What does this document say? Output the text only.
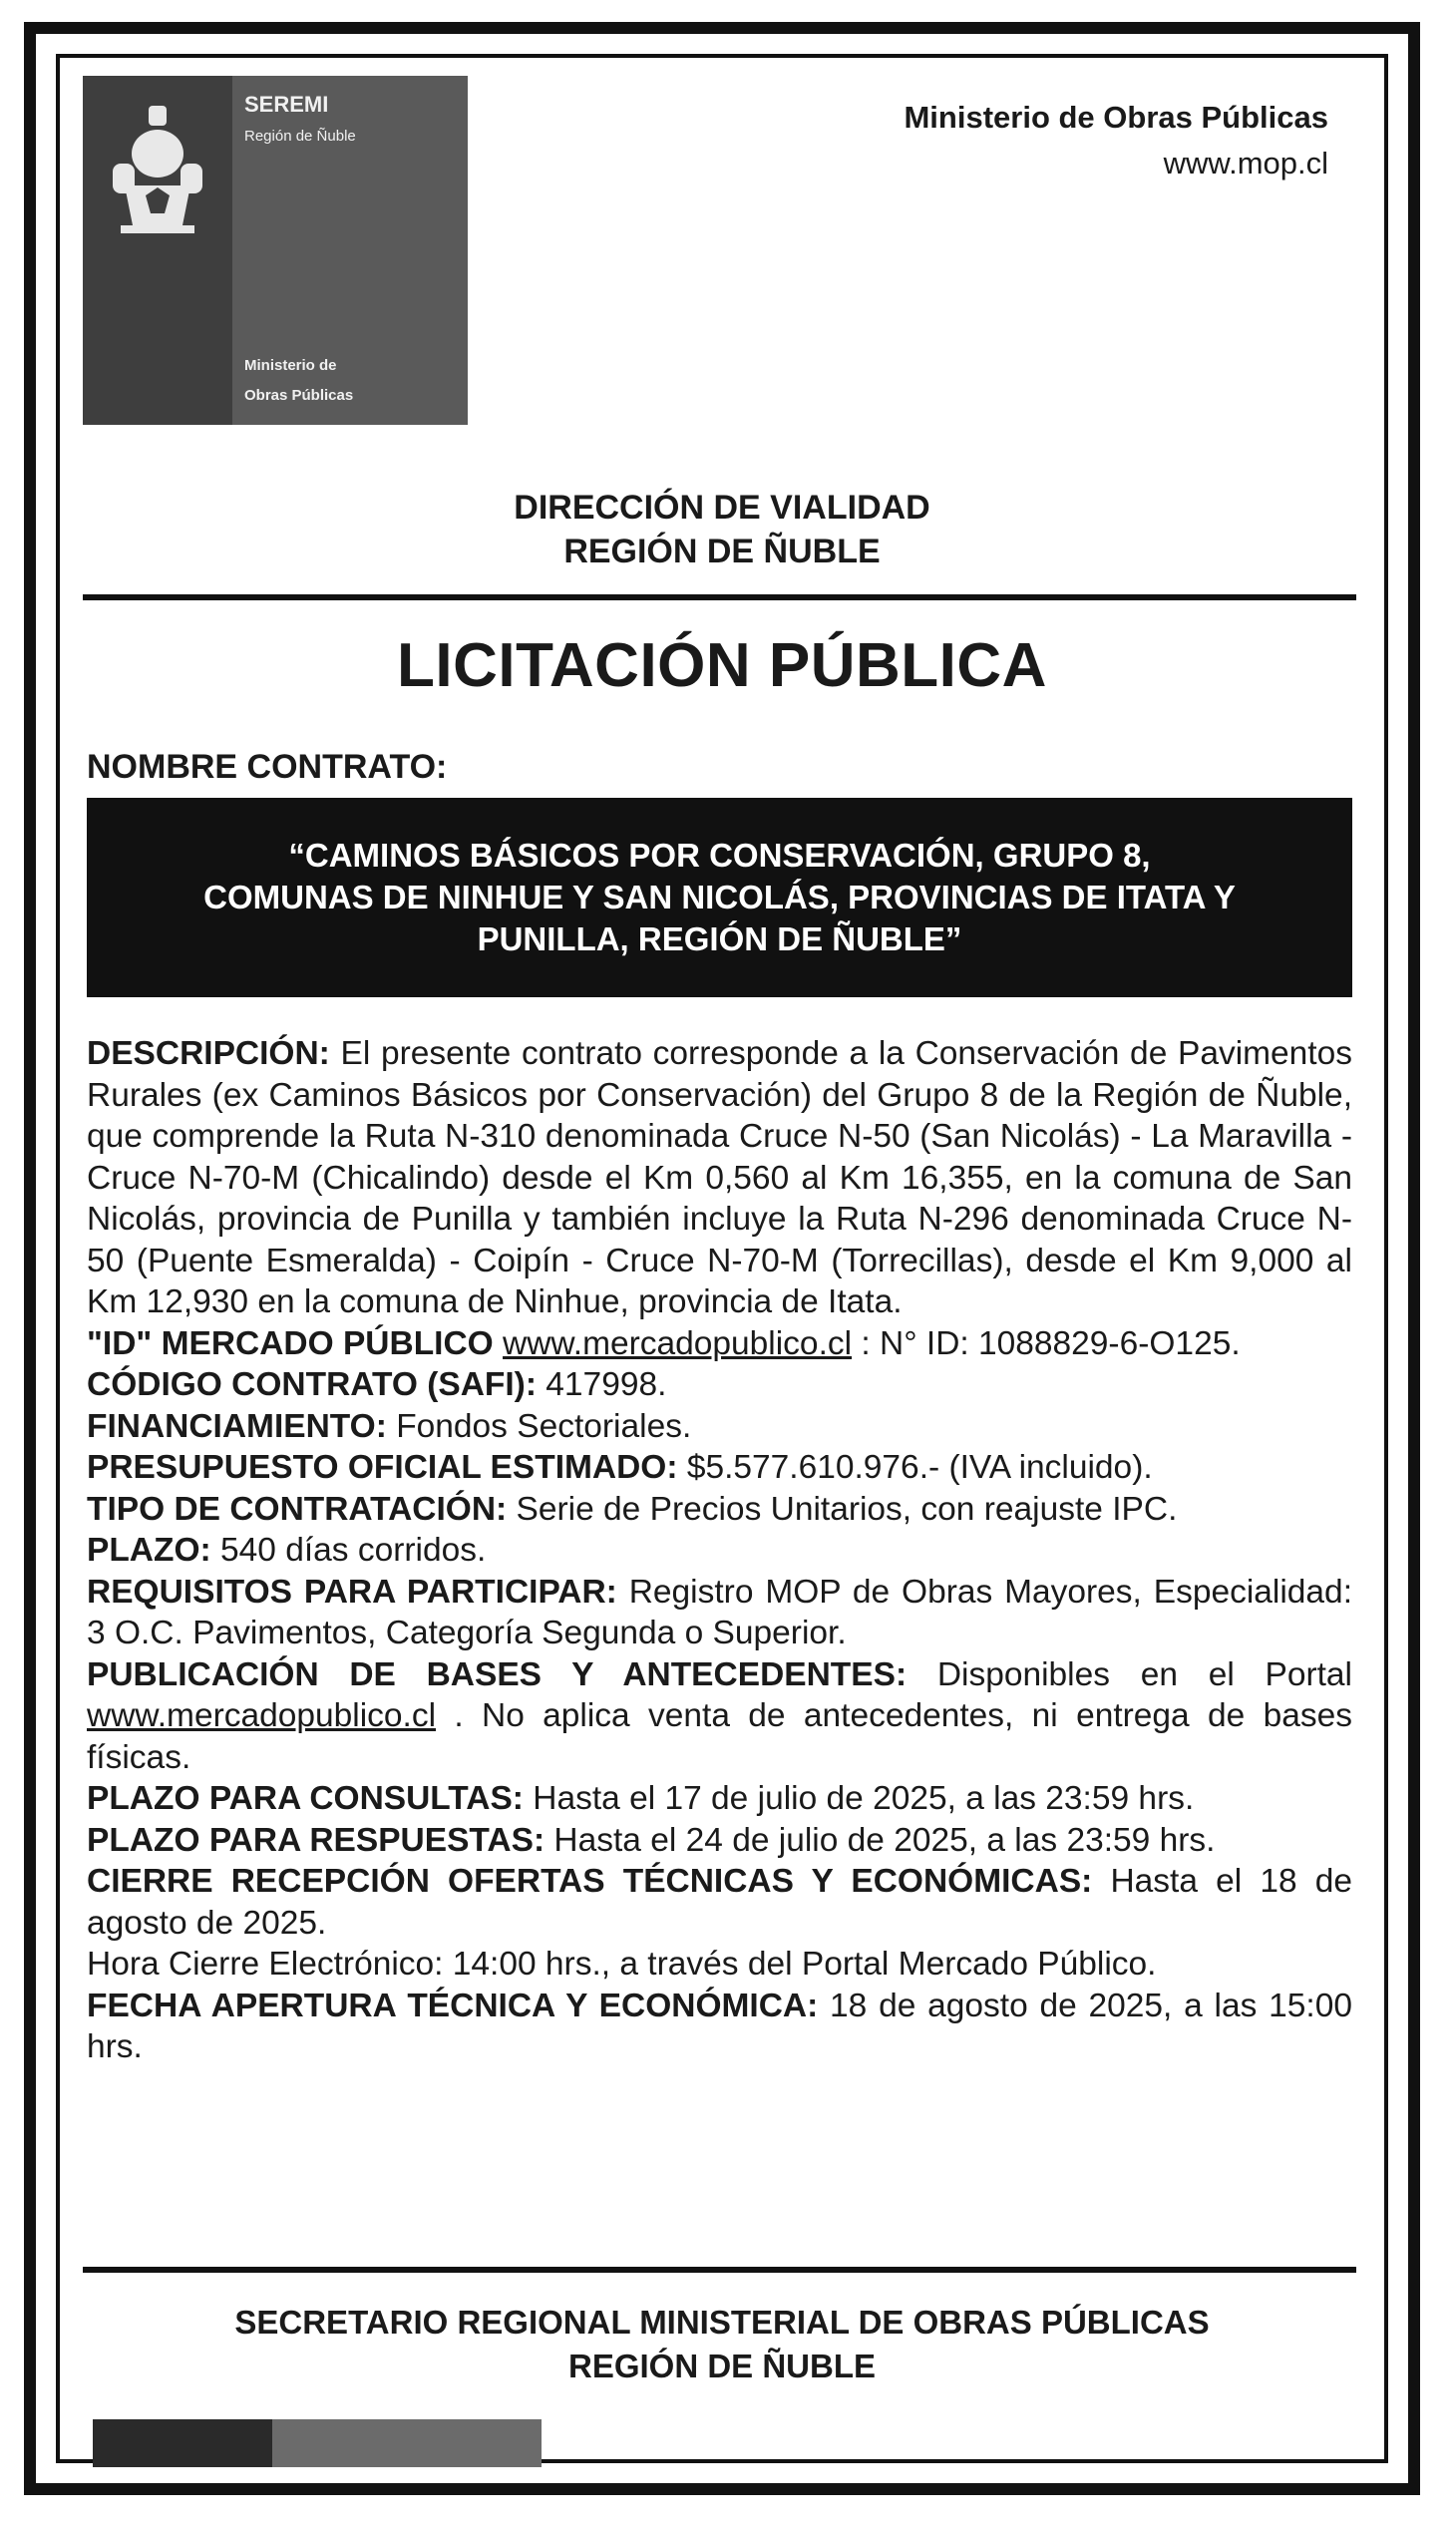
SEREMI
Región de Ñuble
Ministerio de
Obras Públicas
Ministerio de Obras Públicas
www.mop.cl
DIRECCIÓN DE VIALIDAD
REGIÓN DE ÑUBLE
LICITACIÓN PÚBLICA
NOMBRE CONTRATO:
“CAMINOS BÁSICOS POR CONSERVACIÓN, GRUPO 8,
COMUNAS DE NINHUE Y SAN NICOLÁS, PROVINCIAS DE ITATA Y
PUNILLA, REGIÓN DE ÑUBLE”

DESCRIPCIÓN: El presente contrato corresponde a la Conservación de Pavimentos Rurales (ex Caminos Básicos por Conservación) del Grupo 8 de la Región de Ñuble, que comprende la Ruta N-310 denominada Cruce N-50 (San Nicolás) - La Maravilla - Cruce N-70-M (Chicalindo) desde el Km 0,560 al Km 16,355, en la comuna de San Nicolás, provincia de Punilla y también incluye la Ruta N-296 denominada Cruce N-50 (Puente Esmeralda) - Coipín - Cruce N-70-M (Torrecillas), desde el Km 9,000 al Km 12,930 en la comuna de Ninhue, provincia de Itata.

"ID" MERCADO PÚBLICO www.mercadopublico.cl : N° ID: 1088829-6-O125.

CÓDIGO CONTRATO (SAFI): 417998.

FINANCIAMIENTO: Fondos Sectoriales.

PRESUPUESTO OFICIAL ESTIMADO: $5.577.610.976.- (IVA incluido).

TIPO DE CONTRATACIÓN: Serie de Precios Unitarios, con reajuste IPC.

PLAZO: 540 días corridos.

REQUISITOS PARA PARTICIPAR: Registro MOP de Obras Mayores, Especialidad: 3 O.C. Pavimentos, Categoría Segunda o Superior.

PUBLICACIÓN DE BASES Y ANTECEDENTES: Disponibles en el Portal www.mercadopublico.cl . No aplica venta de antecedentes, ni entrega de bases físicas.

PLAZO PARA CONSULTAS: Hasta el 17 de julio de 2025, a las 23:59 hrs.

PLAZO PARA RESPUESTAS: Hasta el 24 de julio de 2025, a las 23:59 hrs.

CIERRE RECEPCIÓN OFERTAS TÉCNICAS Y ECONÓMICAS: Hasta el 18 de agosto de 2025.

Hora Cierre Electrónico: 14:00 hrs., a través del Portal Mercado Público.

FECHA APERTURA TÉCNICA Y ECONÓMICA: 18 de agosto de 2025, a las 15:00 hrs.

SECRETARIO REGIONAL MINISTERIAL DE OBRAS PÚBLICAS
REGIÓN DE ÑUBLE
